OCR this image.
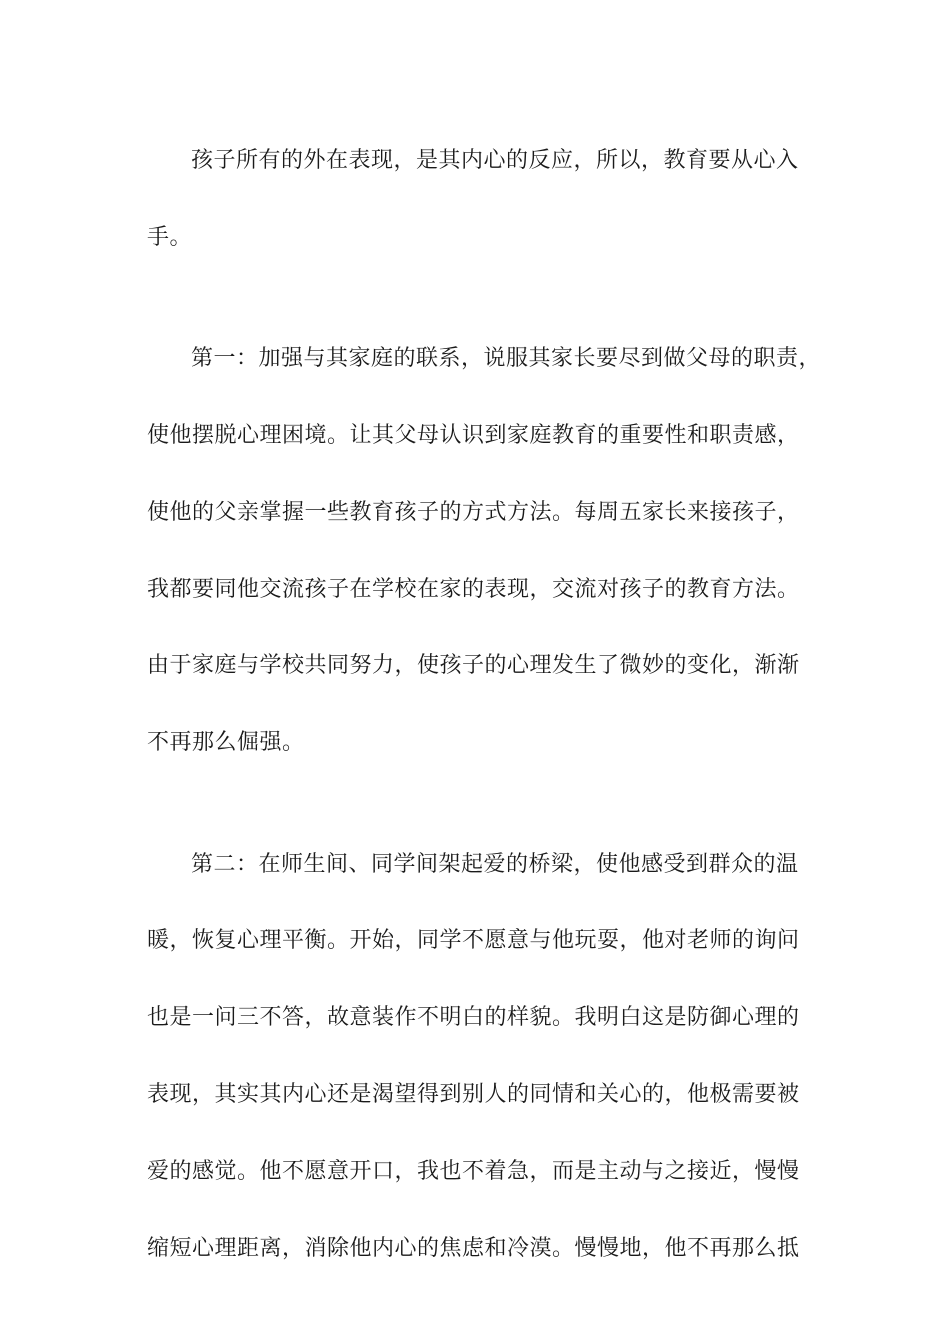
孩子所有的外在表现，是其内心的反应，所以，教育要从心入
手。
第一：加强与其家庭的联系，说服其家长要尽到做父母的职责，
使他摆脱心理困境。让其父母认识到家庭教育的重要性和职责感，
使他的父亲掌握一些教育孩子的方式方法。每周五家长来接孩子，
我都要同他交流孩子在学校在家的表现，交流对孩子的教育方法。
由于家庭与学校共同努力，使孩子的心理发生了微妙的变化，渐渐
不再那么倔强。
第二：在师生间、同学间架起爱的桥梁，使他感受到群众的温
暖，恢复心理平衡。开始，同学不愿意与他玩耍，他对老师的询问
也是一问三不答，故意装作不明白的样貌。我明白这是防御心理的
表现，其实其内心还是渴望得到别人的同情和关心的，他极需要被
爱的感觉。他不愿意开口，我也不着急，而是主动与之接近，慢慢
缩短心理距离，消除他内心的焦虑和冷漠。慢慢地，他不再那么抵
